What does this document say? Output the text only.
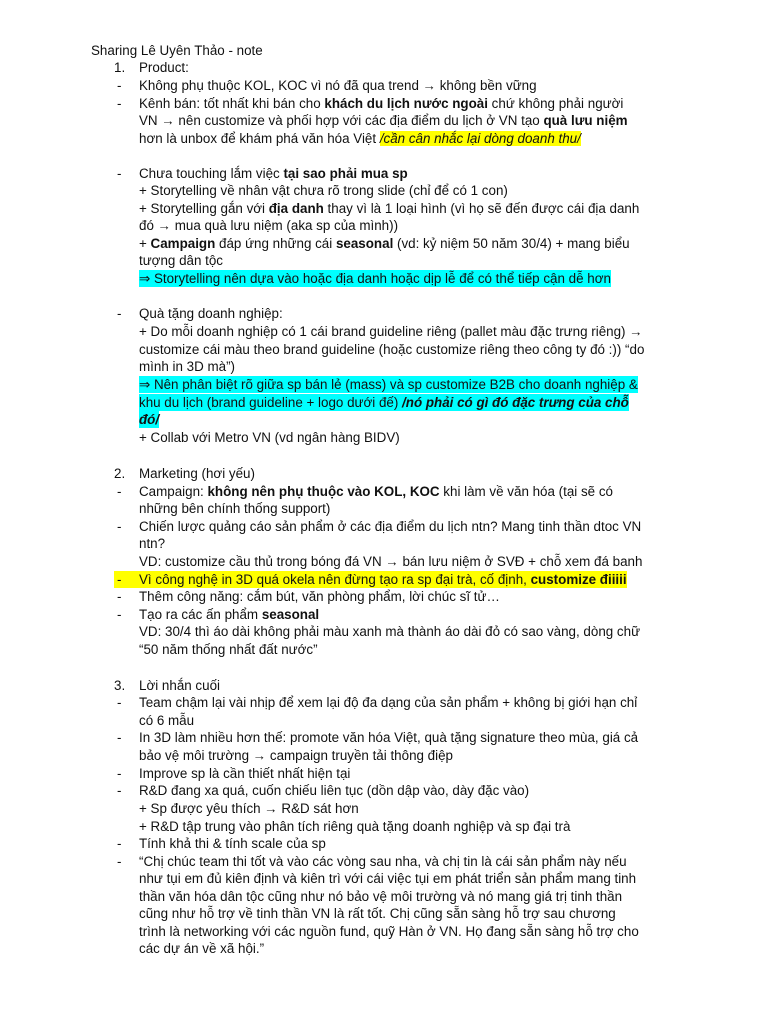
Sharing Lê Uyên Thảo - note
1. Product:
- Không phụ thuộc KOL, KOC vì nó đã qua trend → không bền vững
- Kênh bán: tốt nhất khi bán cho khách du lịch nước ngoài chứ không phải người
VN → nên customize và phối hợp với các địa điểm du lịch ở VN tạo quà lưu niệm
hơn là unbox để khám phá văn hóa Việt /cần cân nhắc lại dòng doanh thu/
- Chưa touching lắm việc tại sao phải mua sp
+ Storytelling về nhân vật chưa rõ trong slide (chỉ để có 1 con)
+ Storytelling gắn với địa danh thay vì là 1 loại hình (vì họ sẽ đến được cái địa danh
đó → mua quà lưu niệm (aka sp của mình))
+ Campaign đáp ứng những cái seasonal (vd: kỷ niệm 50 năm 30/4) + mang biểu
tượng dân tộc
⇒ Storytelling nên dựa vào hoặc địa danh hoặc dịp lễ để có thể tiếp cận dễ hơn
- Quà tặng doanh nghiệp:
+ Do mỗi doanh nghiệp có 1 cái brand guideline riêng (pallet màu đặc trưng riêng) →
customize cái màu theo brand guideline (hoặc customize riêng theo công ty đó :)) “do
mình in 3D mà”)
⇒ Nên phân biệt rõ giữa sp bán lẻ (mass) và sp customize B2B cho doanh nghiệp &
khu du lịch (brand guideline + logo dưới đế) /nó phải có gì đó đặc trưng của chỗ
đó/
+ Collab với Metro VN (vd ngân hàng BIDV)
2. Marketing (hơi yếu)
- Campaign: không nên phụ thuộc vào KOL, KOC khi làm về văn hóa (tại sẽ có
những bên chính thống support)
- Chiến lược quảng cáo sản phẩm ở các địa điểm du lịch ntn? Mang tinh thần dtoc VN
ntn?
VD: customize cầu thủ trong bóng đá VN → bán lưu niệm ở SVĐ + chỗ xem đá banh
-	Vì công nghệ in 3D quá okela nên đừng tạo ra sp đại trà, cố định, customize điiiii
- Thêm công năng: cắm bút, văn phòng phẩm, lời chúc sĩ tử…
- Tạo ra các ấn phẩm seasonal
VD: 30/4 thì áo dài không phải màu xanh mà thành áo dài đỏ có sao vàng, dòng chữ
“50 năm thống nhất đất nước”
3. Lời nhắn cuối
- Team chậm lại vài nhịp để xem lại độ đa dạng của sản phẩm + không bị giới hạn chỉ
có 6 mẫu
- In 3D làm nhiều hơn thế: promote văn hóa Việt, quà tặng signature theo mùa, giá cả
bảo vệ môi trường → campaign truyền tải thông điệp
- Improve sp là cần thiết nhất hiện tại
- R&D đang xa quá, cuốn chiếu liên tục (dồn dập vào, dày đặc vào)
+ Sp được yêu thích → R&D sát hơn
+ R&D tập trung vào phân tích riêng quà tặng doanh nghiệp và sp đại trà
- Tính khả thi & tính scale của sp
- “Chị chúc team thi tốt và vào các vòng sau nha, và chị tin là cái sản phẩm này nếu
như tụi em đủ kiên định và kiên trì với cái việc tụi em phát triển sản phẩm mang tinh
thần văn hóa dân tộc cũng như nó bảo vệ môi trường và nó mang giá trị tinh thần
cũng như hỗ trợ về tinh thần VN là rất tốt. Chị cũng sẵn sàng hỗ trợ sau chương
trình là networking với các nguồn fund, quỹ Hàn ở VN. Họ đang sẵn sàng hỗ trợ cho
các dự án về xã hội.”
